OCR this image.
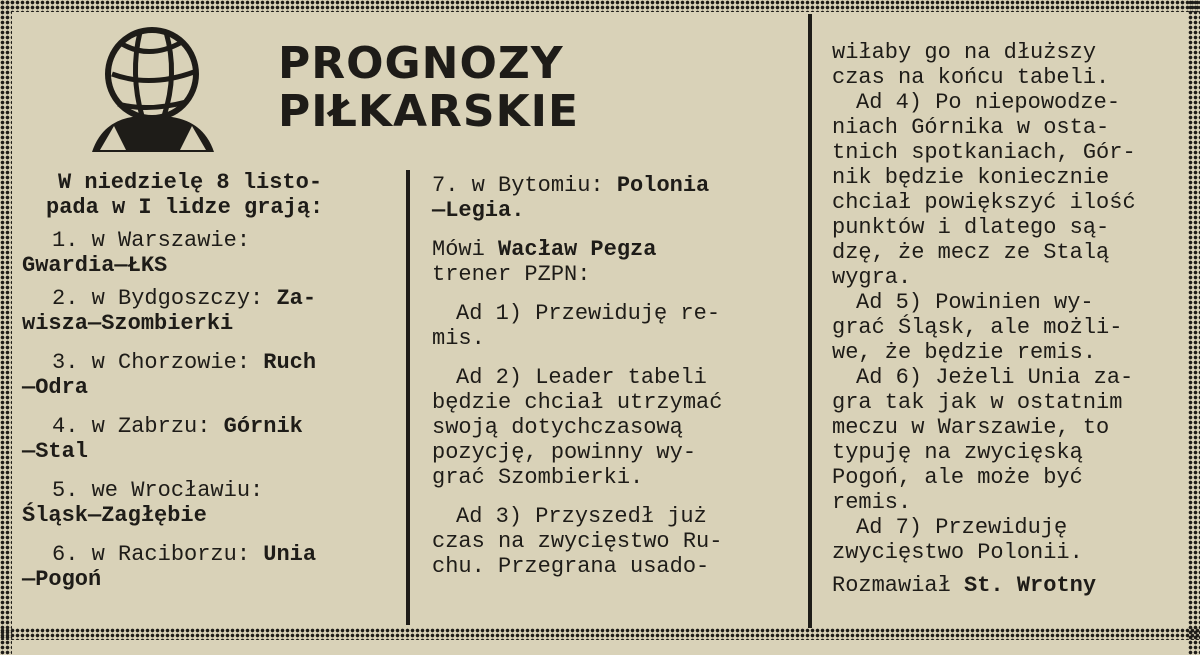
PROGNOZY
PIŁKARSKIE
W niedzielę 8 listo-
pada w I lidze grają:
1. w Warszawie:
Gwardia—ŁKS
2. w Bydgoszczy: Za-
wisza—Szombierki
3. w Chorzowie: Ruch
—Odra
4. w Zabrzu: Górnik
—Stal
5. we Wrocławiu:
Śląsk—Zagłębie
6. w Raciborzu: Unia
—Pogoń
7. w Bytomiu: Polonia
—Legia.
Mówi Wacław Pegza
trener PZPN:
Ad 1) Przewiduję re-
mis.
Ad 2) Leader tabeli
będzie chciał utrzymać
swoją dotychczasową
pozycję, powinny wy-
grać Szombierki.
Ad 3) Przyszedł już
czas na zwycięstwo Ru-
chu. Przegrana usado-
wiłaby go na dłuższy
czas na końcu tabeli.
Ad 4) Po niepowodze-
niach Górnika w osta-
tnich spotkaniach, Gór-
nik będzie koniecznie
chciał powiększyć ilość
punktów i dlatego są-
dzę, że mecz ze Stalą
wygra.
Ad 5) Powinien wy-
grać Śląsk, ale możli-
we, że będzie remis.
Ad 6) Jeżeli Unia za-
gra tak jak w ostatnim
meczu w Warszawie, to
typuję na zwycięską
Pogoń, ale może być
remis.
Ad 7) Przewiduję
zwycięstwo Polonii.
Rozmawiał St. Wrotny
